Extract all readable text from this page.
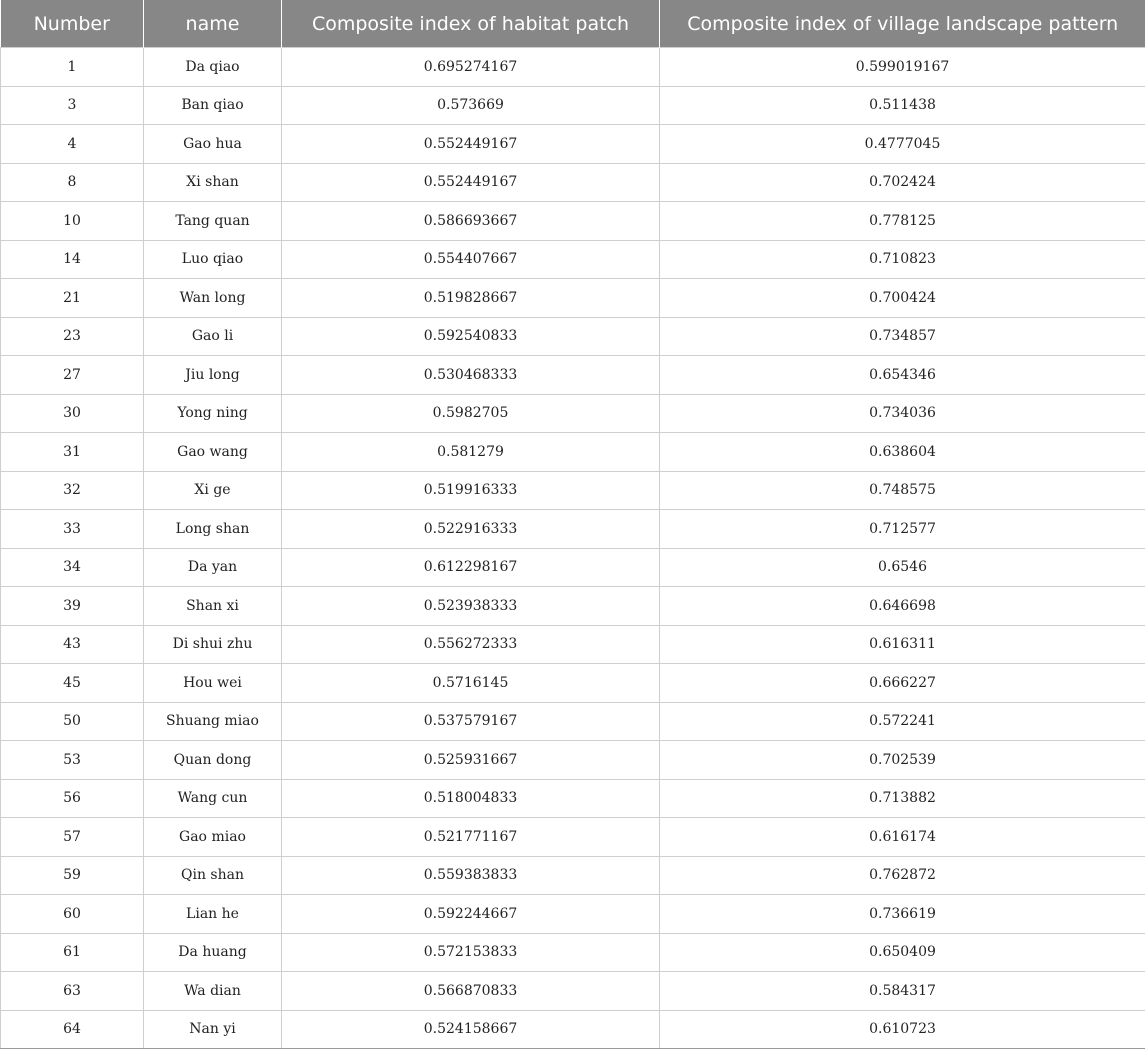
Number	name	Composite index of habitat patch	Composite index of village landscape pattern
1	Da qiao	0.695274167	0.599019167
3	Ban qiao	0.573669	0.511438
4	Gao hua	0.552449167	0.4777045
8	Xi shan	0.552449167	0.702424
10	Tang quan	0.586693667	0.778125
14	Luo qiao	0.554407667	0.710823
21	Wan long	0.519828667	0.700424
23	Gao li	0.592540833	0.734857
27	Jiu long	0.530468333	0.654346
30	Yong ning	0.5982705	0.734036
31	Gao wang	0.581279	0.638604
32	Xi ge	0.519916333	0.748575
33	Long shan	0.522916333	0.712577
34	Da yan	0.612298167	0.6546
39	Shan xi	0.523938333	0.646698
43	Di shui zhu	0.556272333	0.616311
45	Hou wei	0.5716145	0.666227
50	Shuang miao	0.537579167	0.572241
53	Quan dong	0.525931667	0.702539
56	Wang cun	0.518004833	0.713882
57	Gao miao	0.521771167	0.616174
59	Qin shan	0.559383833	0.762872
60	Lian he	0.592244667	0.736619
61	Da huang	0.572153833	0.650409
63	Wa dian	0.566870833	0.584317
64	Nan yi	0.524158667	0.610723
